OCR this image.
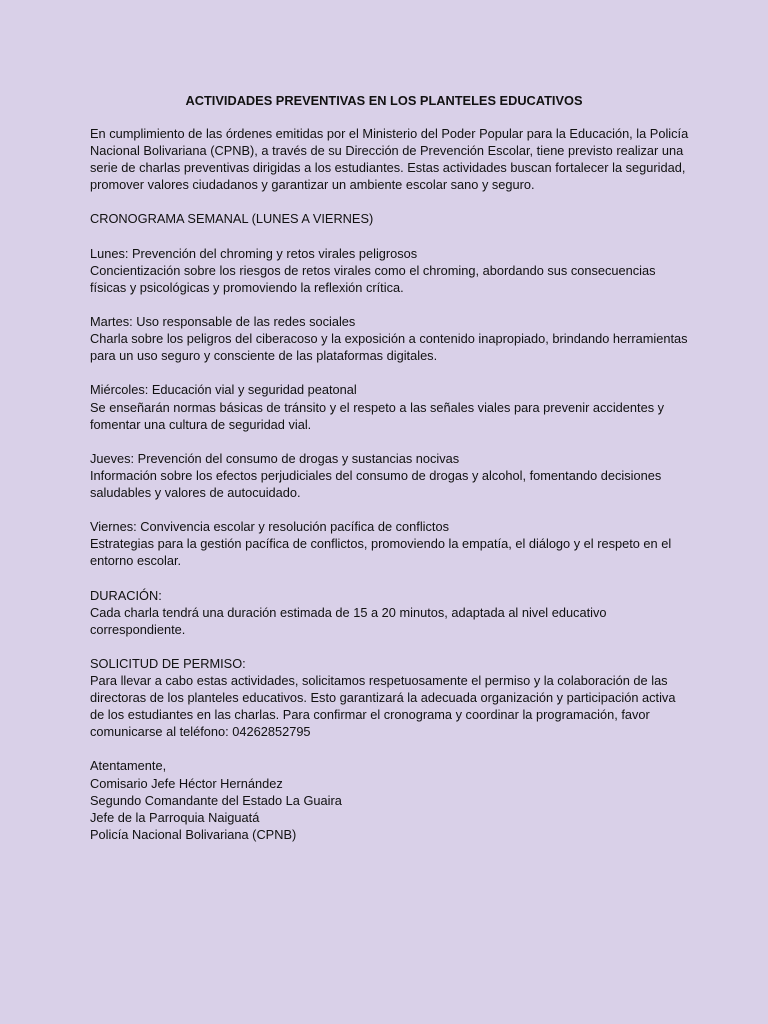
ACTIVIDADES PREVENTIVAS EN LOS PLANTELES EDUCATIVOS
En cumplimiento de las órdenes emitidas por el Ministerio del Poder Popular para la Educación, la Policía
Nacional Bolivariana (CPNB), a través de su Dirección de Prevención Escolar, tiene previsto realizar una
serie de charlas preventivas dirigidas a los estudiantes. Estas actividades buscan fortalecer la seguridad,
promover valores ciudadanos y garantizar un ambiente escolar sano y seguro.
CRONOGRAMA SEMANAL (LUNES A VIERNES)
Lunes: Prevención del chroming y retos virales peligrosos
Concientización sobre los riesgos de retos virales como el chroming, abordando sus consecuencias
físicas y psicológicas y promoviendo la reflexión crítica.
Martes: Uso responsable de las redes sociales
Charla sobre los peligros del ciberacoso y la exposición a contenido inapropiado, brindando herramientas
para un uso seguro y consciente de las plataformas digitales.
Miércoles: Educación vial y seguridad peatonal
Se enseñarán normas básicas de tránsito y el respeto a las señales viales para prevenir accidentes y
fomentar una cultura de seguridad vial.
Jueves: Prevención del consumo de drogas y sustancias nocivas
Información sobre los efectos perjudiciales del consumo de drogas y alcohol, fomentando decisiones
saludables y valores de autocuidado.
Viernes: Convivencia escolar y resolución pacífica de conflictos
Estrategias para la gestión pacífica de conflictos, promoviendo la empatía, el diálogo y el respeto en el
entorno escolar.
DURACIÓN:
Cada charla tendrá una duración estimada de 15 a 20 minutos, adaptada al nivel educativo
correspondiente.
SOLICITUD DE PERMISO:
Para llevar a cabo estas actividades, solicitamos respetuosamente el permiso y la colaboración de las
directoras de los planteles educativos. Esto garantizará la adecuada organización y participación activa
de los estudiantes en las charlas. Para confirmar el cronograma y coordinar la programación, favor
comunicarse al teléfono: 04262852795
Atentamente,
Comisario Jefe Héctor Hernández
Segundo Comandante del Estado La Guaira
Jefe de la Parroquia Naiguatá
Policía Nacional Bolivariana (CPNB)
